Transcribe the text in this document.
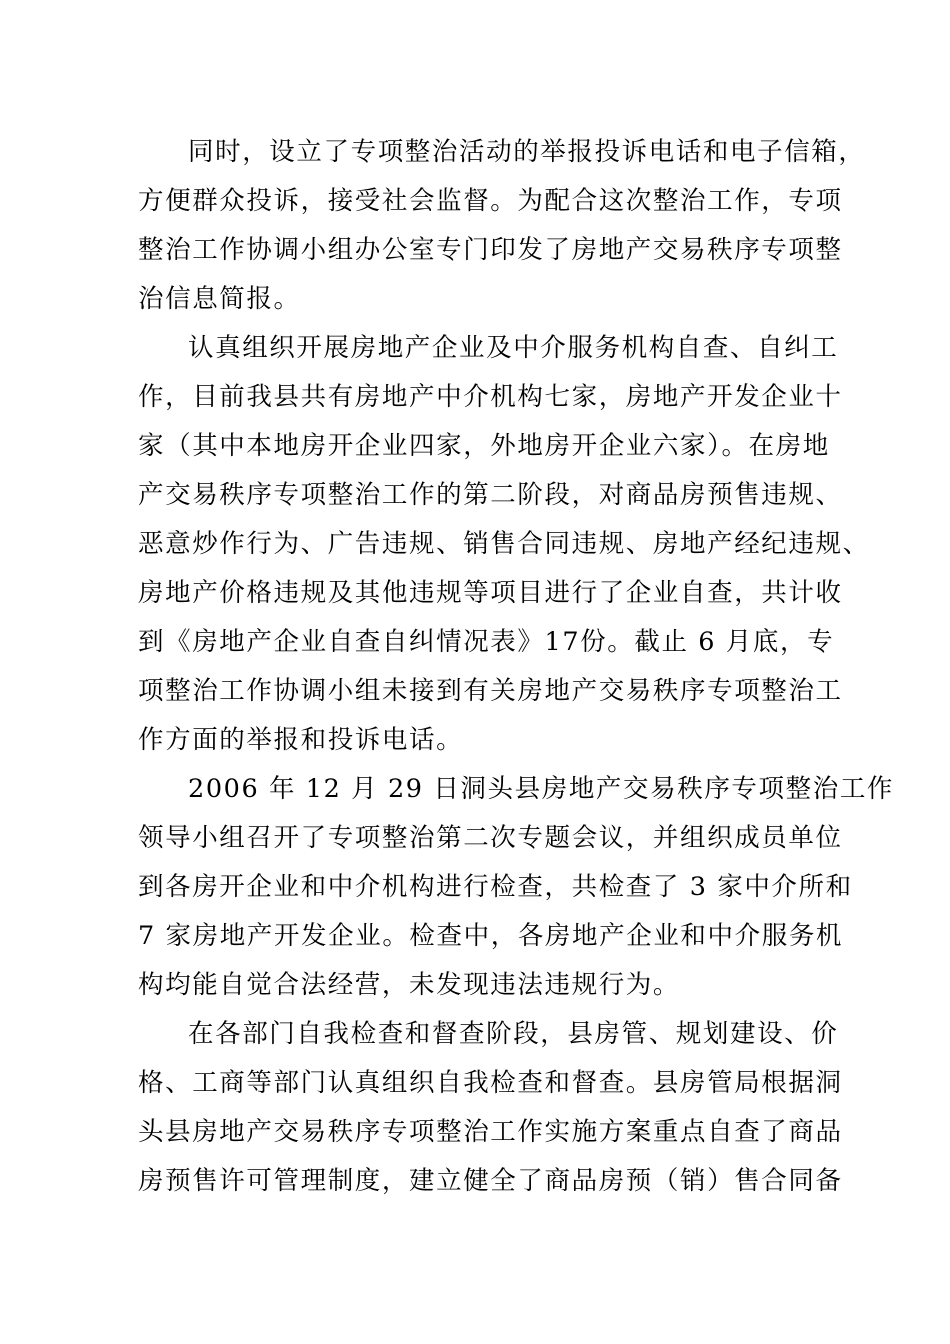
同时，设立了专项整治活动的举报投诉电话和电子信箱，
方便群众投诉，接受社会监督。为配合这次整治工作，专项
整治工作协调小组办公室专门印发了房地产交易秩序专项整
治信息简报。
认真组织开展房地产企业及中介服务机构自查、自纠工
作，目前我县共有房地产中介机构七家，房地产开发企业十
家（其中本地房开企业四家，外地房开企业六家）。在房地
产交易秩序专项整治工作的第二阶段，对商品房预售违规、
恶意炒作行为、广告违规、销售合同违规、房地产经纪违规、
房地产价格违规及其他违规等项目进行了企业自查，共计收
到《房地产企业自查自纠情况表》17份。截止 6 月底，专
项整治工作协调小组未接到有关房地产交易秩序专项整治工
作方面的举报和投诉电话。
2006 年 12 月 29 日洞头县房地产交易秩序专项整治工作
领导小组召开了专项整治第二次专题会议，并组织成员单位
到各房开企业和中介机构进行检查，共检查了 3 家中介所和
7 家房地产开发企业。检查中，各房地产企业和中介服务机
构均能自觉合法经营，未发现违法违规行为。
在各部门自我检查和督查阶段，县房管、规划建设、价
格、工商等部门认真组织自我检查和督查。县房管局根据洞
头县房地产交易秩序专项整治工作实施方案重点自查了商品
房预售许可管理制度，建立健全了商品房预（销）售合同备
